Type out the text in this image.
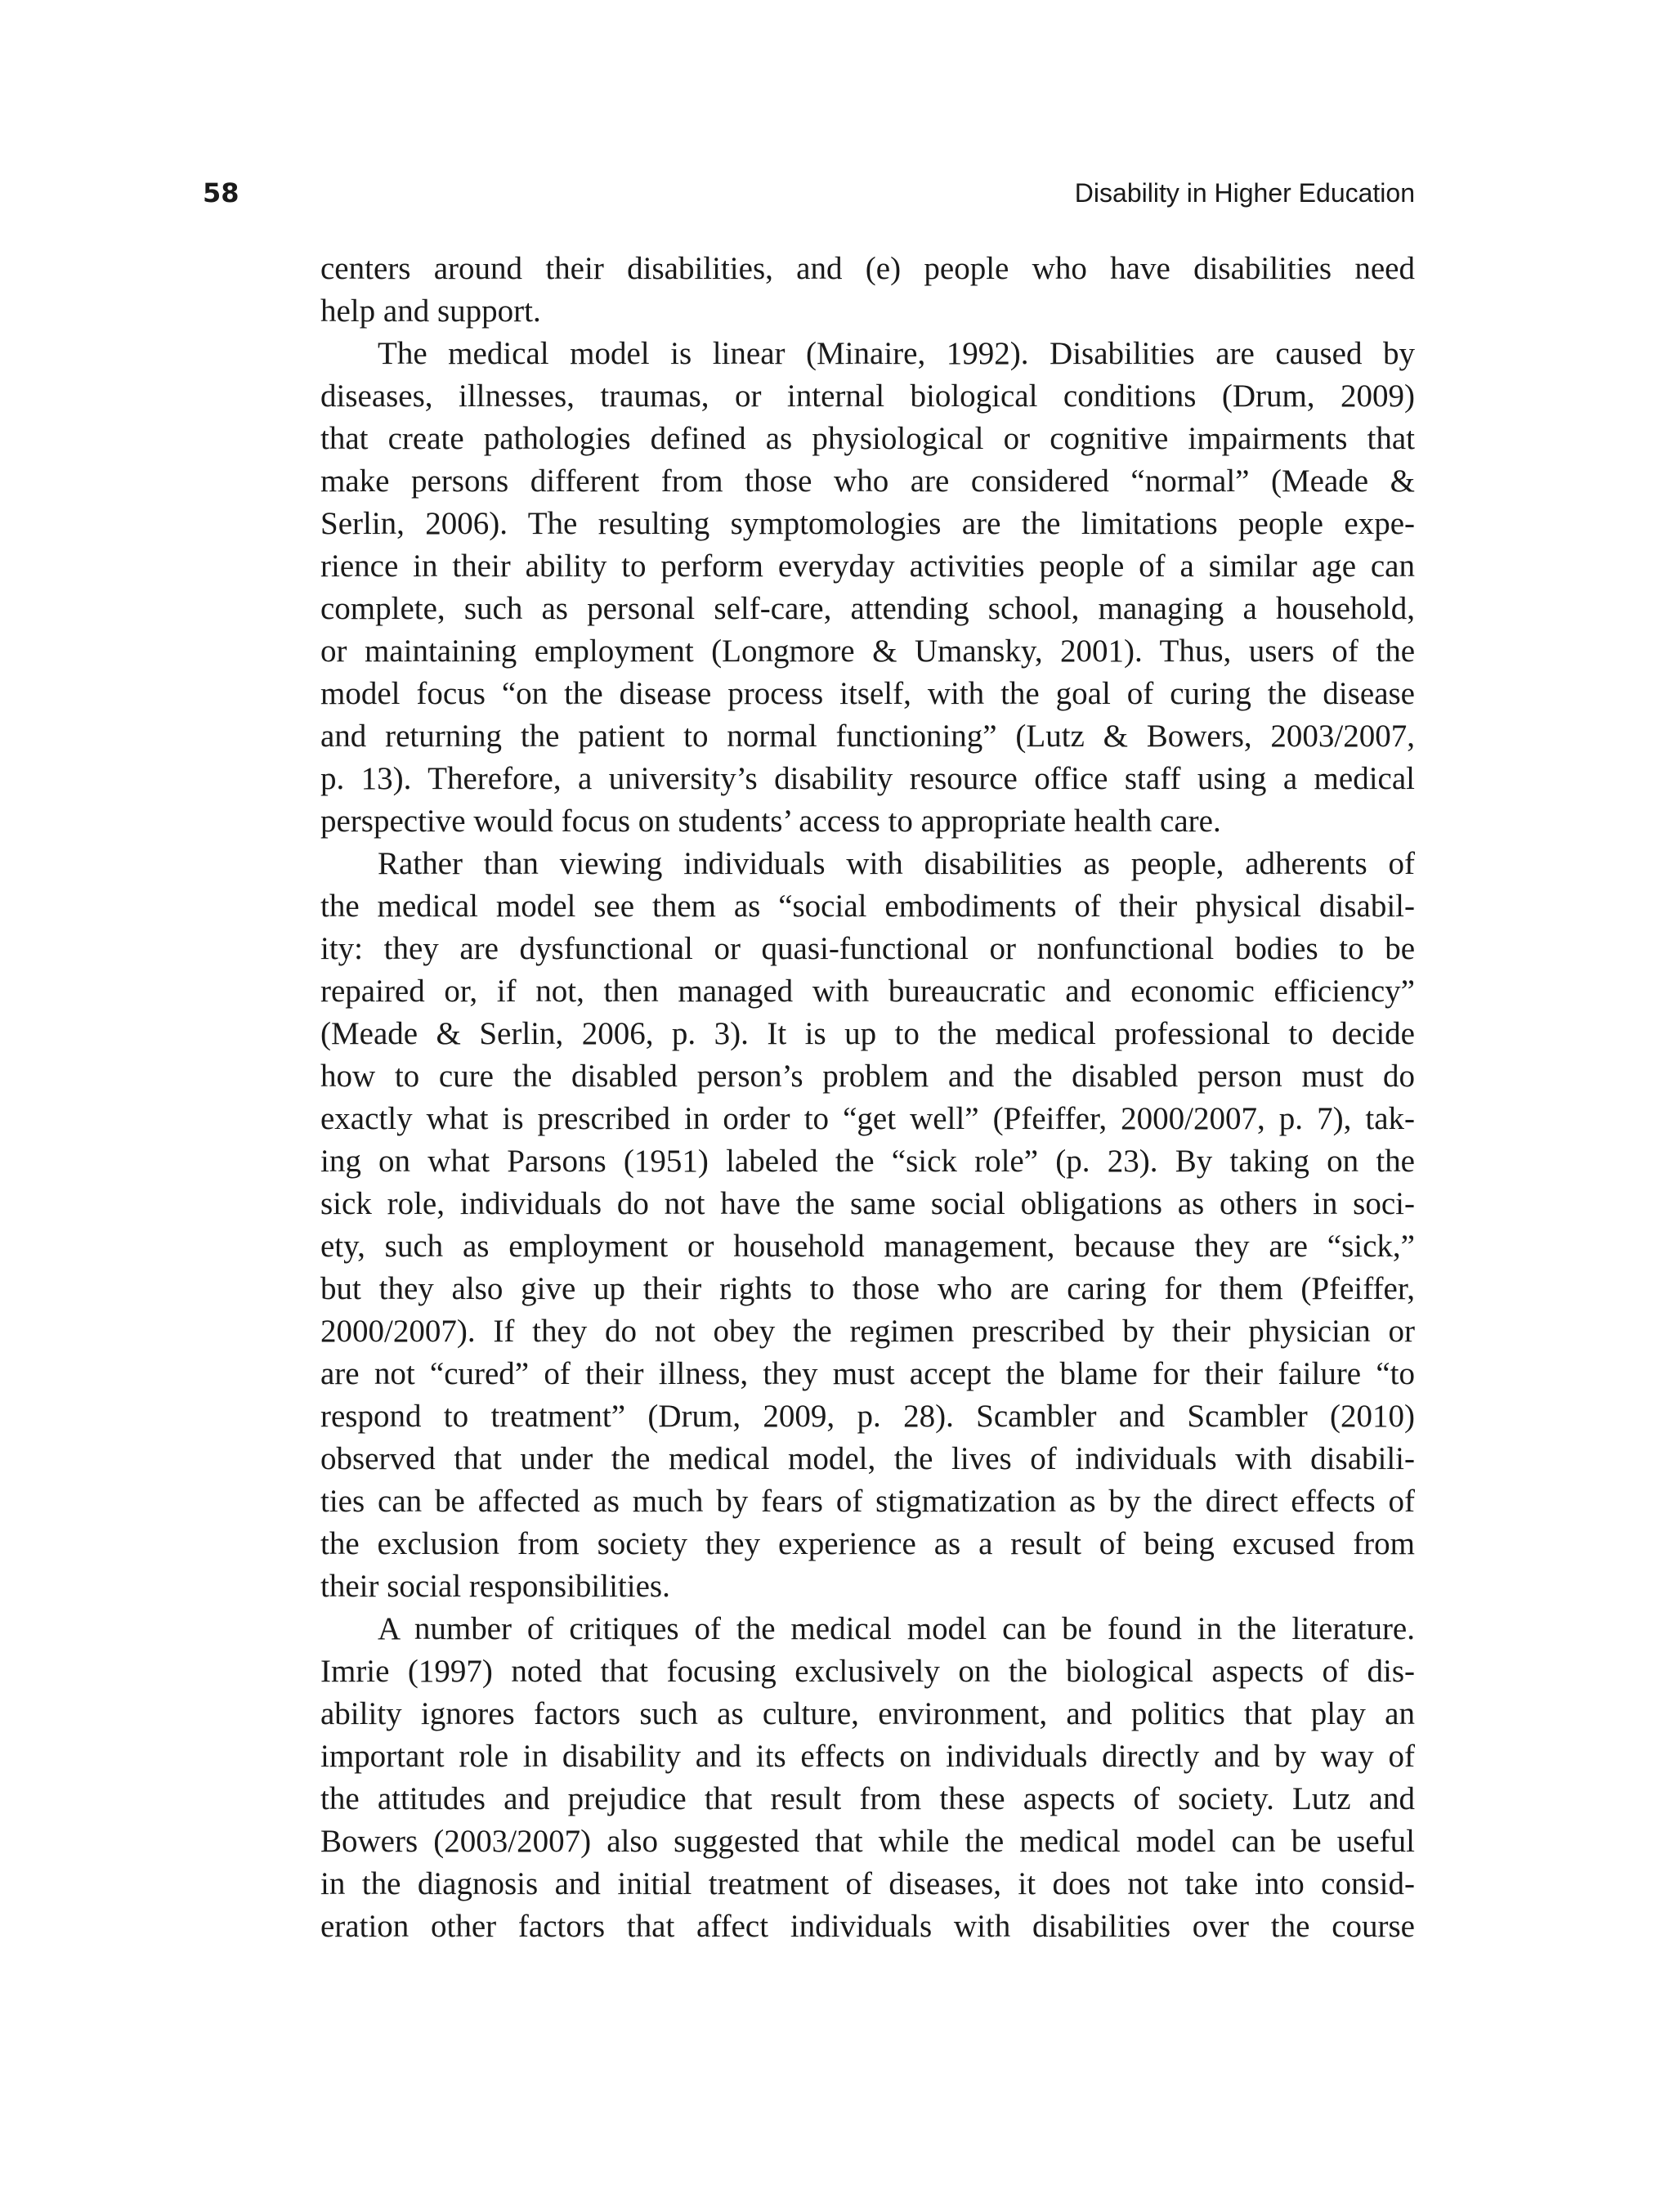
58	Disability in Higher Education

centers around their disabilities, and (e) people who have disabilities need

help and support.

The medical model is linear (Minaire, 1992). Disabilities are caused by

diseases, illnesses, traumas, or internal biological conditions (Drum, 2009)

that create pathologies defined as physiological or cognitive impairments that

make persons different from those who are considered “normal” (Meade &

Serlin, 2006). The resulting symptomologies are the limitations people expe-

rience in their ability to perform everyday activities people of a similar age can

complete, such as personal self-care, attending school, managing a household,

or maintaining employment (Longmore & Umansky, 2001). Thus, users of the

model focus “on the disease process itself, with the goal of curing the disease

and returning the patient to normal functioning” (Lutz & Bowers, 2003/2007,

p. 13). Therefore, a university’s disability resource office staff using a medical

perspective would focus on students’ access to appropriate health care.

Rather than viewing individuals with disabilities as people, adherents of

the medical model see them as “social embodiments of their physical disabil-

ity: they are dysfunctional or quasi-functional or nonfunctional bodies to be

repaired or, if not, then managed with bureaucratic and economic efficiency”

(Meade & Serlin, 2006, p. 3). It is up to the medical professional to decide

how to cure the disabled person’s problem and the disabled person must do

exactly what is prescribed in order to “get well” (Pfeiffer, 2000/2007, p. 7), tak-

ing on what Parsons (1951) labeled the “sick role” (p. 23). By taking on the

sick role, individuals do not have the same social obligations as others in soci-

ety, such as employment or household management, because they are “sick,”

but they also give up their rights to those who are caring for them (Pfeiffer,

2000/2007). If they do not obey the regimen prescribed by their physician or

are not “cured” of their illness, they must accept the blame for their failure “to

respond to treatment” (Drum, 2009, p. 28). Scambler and Scambler (2010)

observed that under the medical model, the lives of individuals with disabili-

ties can be affected as much by fears of stigmatization as by the direct effects of

the exclusion from society they experience as a result of being excused from

their social responsibilities.

A number of critiques of the medical model can be found in the literature.

Imrie (1997) noted that focusing exclusively on the biological aspects of dis-

ability ignores factors such as culture, environment, and politics that play an

important role in disability and its effects on individuals directly and by way of

the attitudes and prejudice that result from these aspects of society. Lutz and

Bowers (2003/2007) also suggested that while the medical model can be useful

in the diagnosis and initial treatment of diseases, it does not take into consid-

eration other factors that affect individuals with disabilities over the course
